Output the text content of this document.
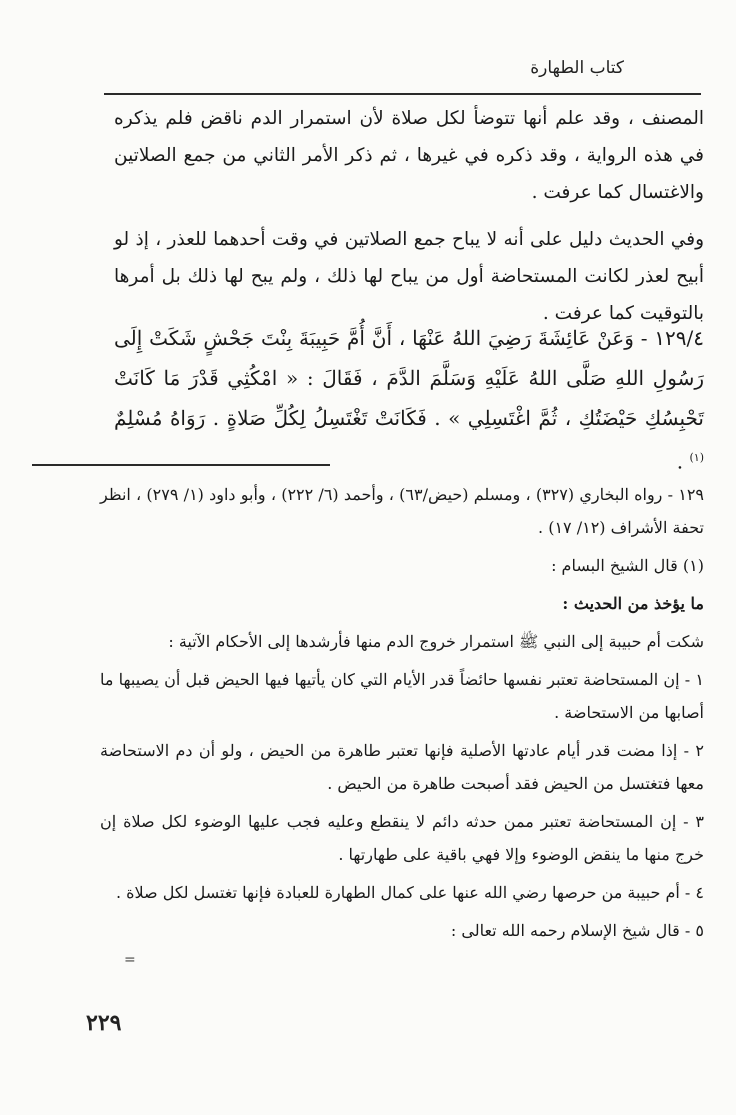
كتاب الطهارة

المصنف ، وقد علم أنها تتوضأ لكل صلاة لأن استمرار الدم ناقض فلم يذكره في هذه الرواية ، وقد ذكره في غيرها ، ثم ذكر الأمر الثاني من جمع الصلاتين والاغتسال كما عرفت .

وفي الحديث دليل على أنه لا يباح جمع الصلاتين في وقت أحدهما للعذر ، إذ لو أبيح لعذر لكانت المستحاضة أول من يباح لها ذلك ، ولم يبح لها ذلك بل أمرها بالتوقيت كما عرفت .

١٢٩/٤ - وَعَنْ عَائِشَةَ رَضِيَ اللهُ عَنْهَا ، أَنَّ أُمَّ حَبِيبَةَ بِنْتَ جَحْشٍ شَكَتْ إِلَى رَسُولِ اللهِ صَلَّى اللهُ عَلَيْهِ وَسَلَّمَ الدَّمَ ، فَقَالَ : « امْكُثِي قَدْرَ مَا كَانَتْ تَحْبِسُكِ حَيْضَتُكِ ، ثُمَّ اغْتَسِلِي » . فَكَانَتْ تَغْتَسِلُ لِكُلِّ صَلاةٍ . رَوَاهُ مُسْلِمٌ $^{(١)}$ .

١٢٩ - رواه البخاري (٣٢٧) ، ومسلم (حيض/٦٣) ، وأحمد (٦/ ٢٢٢) ، وأبو داود (١/ ٢٧٩) ، انظر تحفة الأشراف (١٢/ ١٧) .

(١) قال الشيخ البسام :

ما يؤخذ من الحديث :

شكت أم حبيبة إلى النبي ﷺ استمرار خروج الدم منها فأرشدها إلى الأحكام الآتية :

١ - إن المستحاضة تعتبر نفسها حائضاً قدر الأيام التي كان يأتيها فيها الحيض قبل أن يصيبها ما أصابها من الاستحاضة .

٢ - إذا مضت قدر أيام عادتها الأصلية فإنها تعتبر طاهرة من الحيض ، ولو أن دم الاستحاضة معها فتغتسل من الحيض فقد أصبحت طاهرة من الحيض .

٣ - إن المستحاضة تعتبر ممن حدثه دائم لا ينقطع وعليه فجب عليها الوضوء لكل صلاة إن خرج منها ما ينقض الوضوء وإلا فهي باقية على طهارتها .

٤ - أم حبيبة من حرصها رضي الله عنها على كمال الطهارة للعبادة فإنها تغتسل لكل صلاة .

٥ - قال شيخ الإسلام رحمه الله تعالى :

=
٢٢٩
